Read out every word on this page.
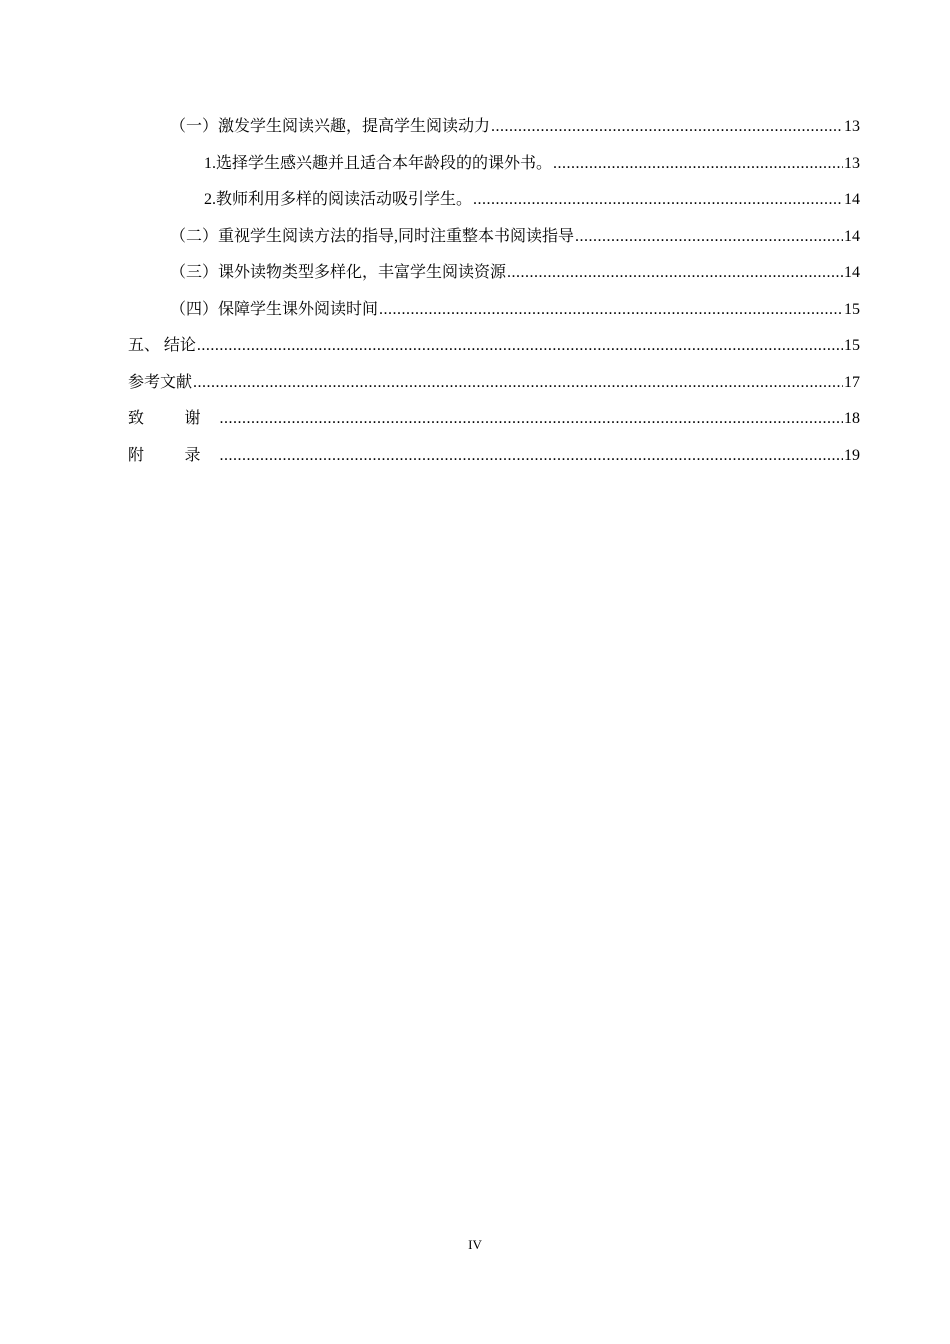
（一） 激发学生阅读兴趣，提高学生阅读动力 .....	13
1. 选择学生感兴趣并且适合本年龄段的的课外书。 .....	13
2. 教师利用多样的阅读活动吸引学生。 .....	14
（二） 重视学生阅读方法的指导,同时注重整本书阅读指导 .....	14
（三） 课外读物类型多样化，丰富学生阅读资源 .....	14
（四） 保障学生课外阅读时间 .....	15
五、 结论 .....	15
参考文献 .....	17
致 谢 .....	18
附 录 .....	19
IV
